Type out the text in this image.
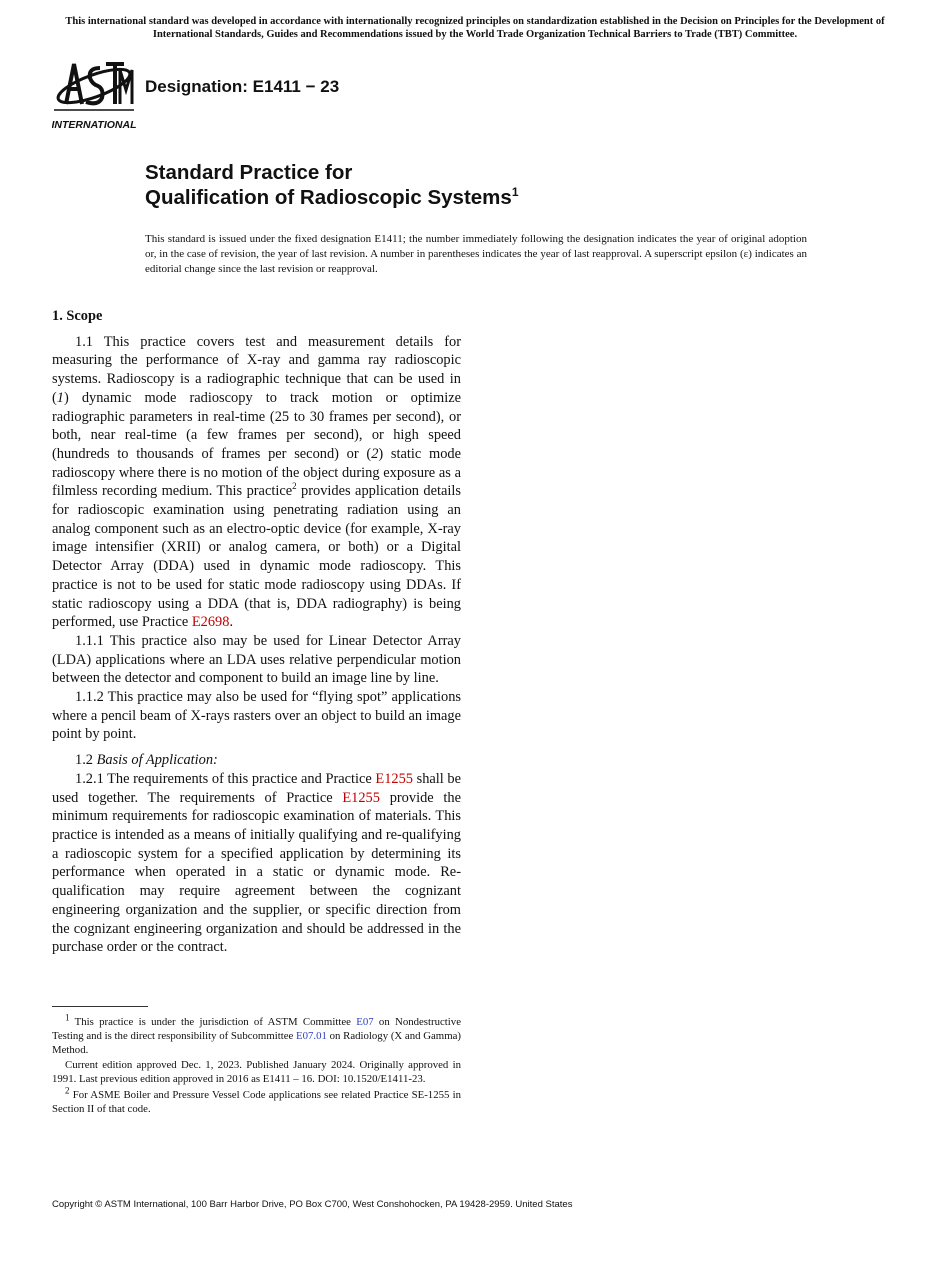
This international standard was developed in accordance with internationally recognized principles on standardization established in the Decision on Principles for the Development of International Standards, Guides and Recommendations issued by the World Trade Organization Technical Barriers to Trade (TBT) Committee.
INTERNATIONAL
Designation: E1411 − 23
Standard Practice for
Qualification of Radioscopic Systems$^1$
This standard is issued under the fixed designation E1411; the number immediately following the designation indicates the year of original adoption or, in the case of revision, the year of last revision. A number in parentheses indicates the year of last reapproval. A superscript epsilon (ε) indicates an editorial change since the last revision or reapproval.
1. Scope

1.1 This practice covers test and measurement details for measuring the performance of X-ray and gamma ray radioscopic systems. Radioscopy is a radiographic technique that can be used in (1) dynamic mode radioscopy to track motion or optimize radiographic parameters in real-time (25 to 30 frames per second), or both, near real-time (a few frames per second), or high speed (hundreds to thousands of frames per second) or (2) static mode radioscopy where there is no motion of the object during exposure as a filmless recording medium. This practice$^2$ provides application details for radioscopic examination using penetrating radiation using an analog component such as an electro-optic device (for example, X-ray image intensifier (XRII) or analog camera, or both) or a Digital Detector Array (DDA) used in dynamic mode radioscopy. This practice is not to be used for static mode radioscopy using DDAs. If static radioscopy using a DDA (that is, DDA radiography) is being performed, use Practice E2698.

1.1.1 This practice also may be used for Linear Detector Array (LDA) applications where an LDA uses relative perpendicular motion between the detector and component to build an image line by line.

1.1.2 This practice may also be used for “flying spot” applications where a pencil beam of X-rays rasters over an object to build an image point by point.

1.2 Basis of Application:

1.2.1 The requirements of this practice and Practice E1255 shall be used together. The requirements of Practice E1255 provide the minimum requirements for radioscopic examination of materials. This practice is intended as a means of initially qualifying and re-qualifying a radioscopic system for a specified application by determining its performance when operated in a static or dynamic mode. Re-qualification may require agreement between the cognizant engineering organization and the supplier, or specific direction from the cognizant engineering organization and should be addressed in the purchase order or the contract.

$^1$ This practice is under the jurisdiction of ASTM Committee E07 on Nondestructive Testing and is the direct responsibility of Subcommittee E07.01 on Radiology (X and Gamma) Method.

Current edition approved Dec. 1, 2023. Published January 2024. Originally approved in 1991. Last previous edition approved in 2016 as E1411 – 16. DOI: 10.1520/E1411-23.

$^2$ For ASME Boiler and Pressure Vessel Code applications see related Practice SE-1255 in Section II of that code.

Copyright © ASTM International, 100 Barr Harbor Drive, PO Box C700, West Conshohocken, PA 19428-2959. United States
